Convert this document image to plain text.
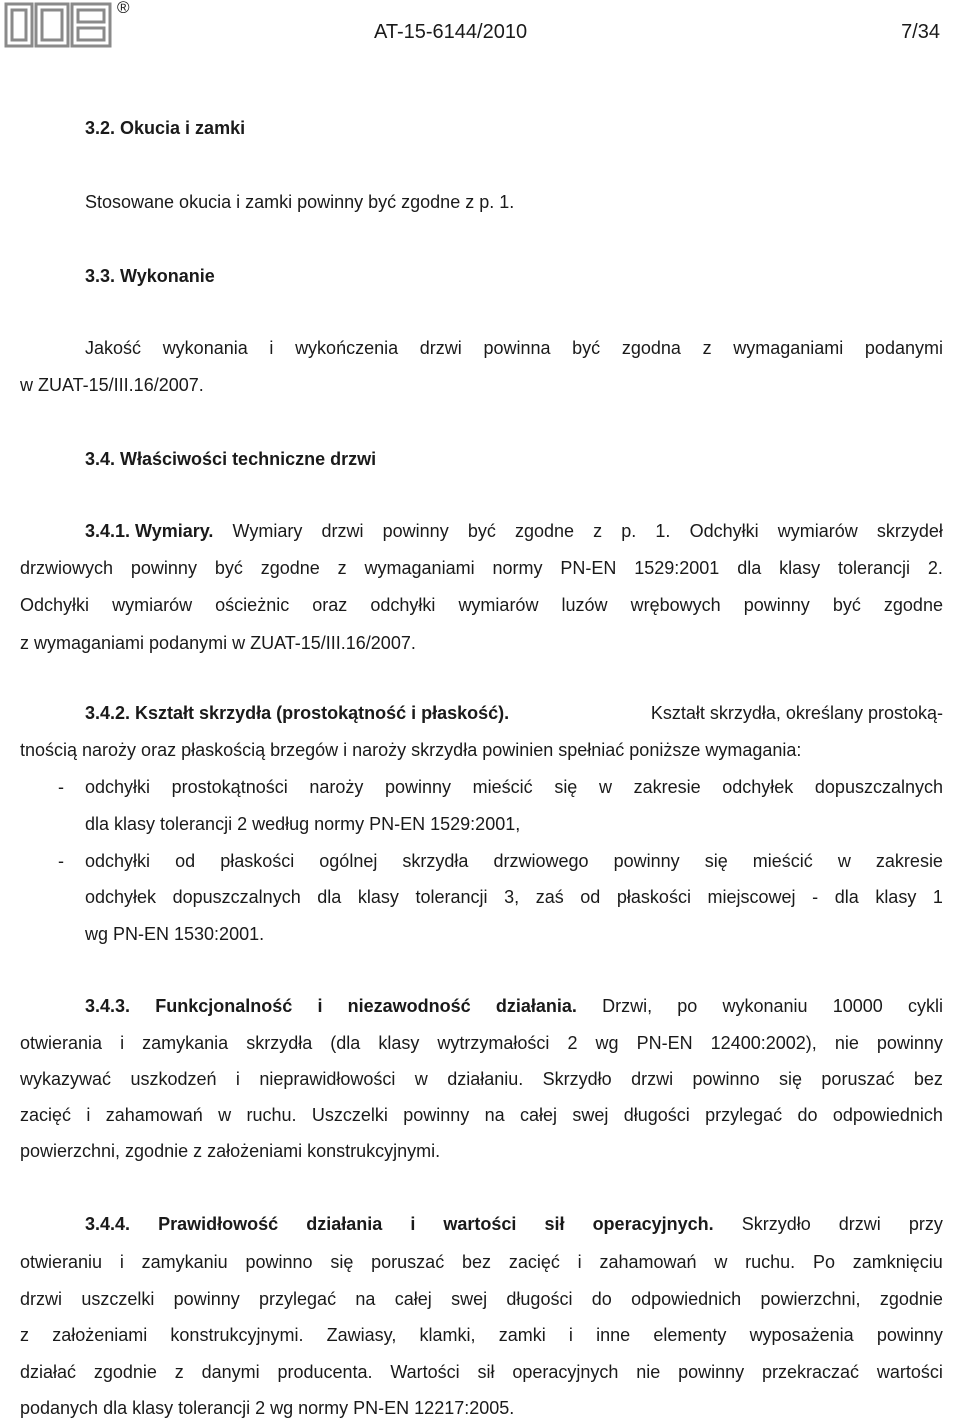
®
AT-15-6144/2010	7/34
3.2. Okucia i zamki
Stosowane okucia i zamki powinny być zgodne z p. 1.
3.3. Wykonanie
Jakość wykonania i wykończenia drzwi powinna być zgodna z wymaganiami podanymi
w ZUAT-15/III.16/2007.
3.4. Właściwości techniczne drzwi
3.4.1. Wymiary. Wymiary drzwi powinny być zgodne z p. 1. Odchyłki wymiarów skrzydeł
drzwiowych powinny być zgodne z wymaganiami normy PN-EN 1529:2001 dla klasy tolerancji 2.
Odchyłki wymiarów ościeżnic oraz odchyłki wymiarów luzów wrębowych powinny być zgodne
z wymaganiami podanymi w ZUAT-15/III.16/2007.
3.4.2. Kształt skrzydła (prostokątność i płaskość).	Kształt skrzydła, określany prostoką-
tnością naroży oraz płaskością brzegów i naroży skrzydła powinien spełniać poniższe wymagania:
- odchyłki prostokątności naroży powinny mieścić się w zakresie odchyłek dopuszczalnych
dla klasy tolerancji 2 według normy PN-EN 1529:2001,
- odchyłki od płaskości ogólnej skrzydła drzwiowego powinny się mieścić w zakresie
odchyłek dopuszczalnych dla klasy tolerancji 3, zaś od płaskości miejscowej - dla klasy 1
wg PN-EN 1530:2001.
3.4.3. Funkcjonalność i niezawodność działania. Drzwi, po wykonaniu 10000 cykli
otwierania i zamykania skrzydła (dla klasy wytrzymałości 2 wg PN-EN 12400:2002), nie powinny
wykazywać uszkodzeń i nieprawidłowości w działaniu. Skrzydło drzwi powinno się poruszać bez
zacięć i zahamowań w ruchu. Uszczelki powinny na całej swej długości przylegać do odpowiednich
powierzchni, zgodnie z założeniami konstrukcyjnymi.
3.4.4. Prawidłowość działania i wartości sił operacyjnych. Skrzydło drzwi przy
otwieraniu i zamykaniu powinno się poruszać bez zacięć i zahamowań w ruchu. Po zamknięciu
drzwi uszczelki powinny przylegać na całej swej długości do odpowiednich powierzchni, zgodnie
z założeniami konstrukcyjnymi. Zawiasy, klamki, zamki i inne elementy wyposażenia powinny
działać zgodnie z danymi producenta. Wartości sił operacyjnych nie powinny przekraczać wartości
podanych dla klasy tolerancji 2 wg normy PN-EN 12217:2005.
